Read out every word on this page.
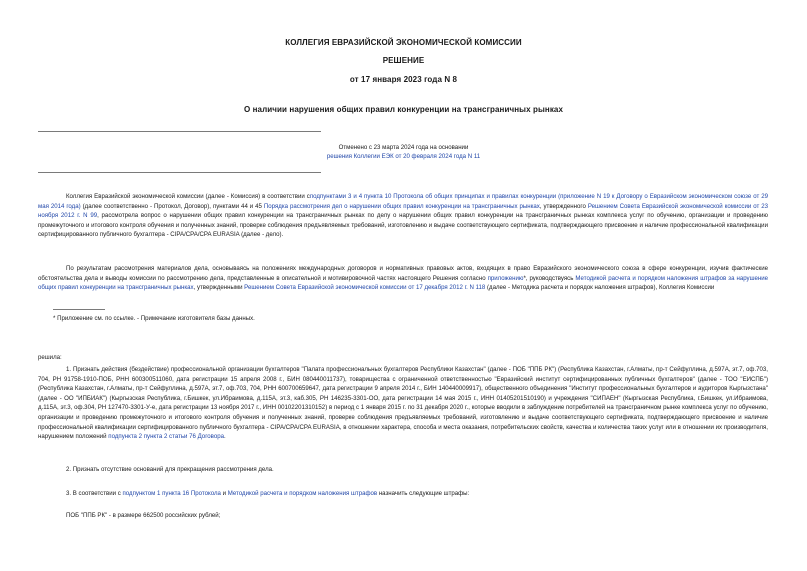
КОЛЛЕГИЯ ЕВРАЗИЙСКОЙ ЭКОНОМИЧЕСКОЙ КОМИССИИ
РЕШЕНИЕ
от 17 января 2023 года N 8
О наличии нарушения общих правил конкуренции на трансграничных рынках
Отменено с 23 марта 2024 года на основании
решения Коллегии ЕЭК от 20 февраля 2024 года N 11
Коллегия Евразийской экономической комиссии (далее - Комиссия) в соответствии сподпунктами 3 и 4 пункта 10 Протокола об общих принципах и правилах конкуренции (приложение N 19 к Договору о Евразийском экономическом союзе от 29 мая 2014 года) (далее соответственно - Протокол, Договор), пунктами 44 и 45 Порядка рассмотрения дел о нарушении общих правил конкуренции на трансграничных рынках, утвержденного Решением Совета Евразийской экономической комиссии от 23 ноября 2012 г. N 99, рассмотрела вопрос о нарушении общих правил конкуренции на трансграничных рынках по делу о нарушении общих правил конкуренции на трансграничных рынках комплекса услуг по обучению, организации и проведению промежуточного и итогового контроля обучения и полученных знаний, проверке соблюдения предъявляемых требований, изготовлению и выдаче соответствующего сертификата, подтверждающего присвоение и наличие профессиональной квалификации сертифицированного публичного бухгалтера - CIPA/CPA/CPA EURASIA (далее - дело).
По результатам рассмотрения материалов дела, основываясь на положениях международных договоров и нормативных правовых актов, входящих в право Евразийского экономического союза в сфере конкуренции, изучив фактические обстоятельства дела и выводы комиссии по рассмотрению дела, представленные в описательной и мотивировочной частях настоящего Решения согласно приложению*, руководствуясь Методикой расчета и порядком наложения штрафов за нарушение общих правил конкуренции на трансграничных рынках, утвержденными Решением Совета Евразийской экономической комиссии от 17 декабря 2012 г. N 118 (далее - Методика расчета и порядок наложения штрафов), Коллегия Комиссии
* Приложение см. по ссылке. - Примечание изготовителя базы данных.
решила:
1. Признать действия (бездействие) профессиональной организации бухгалтеров "Палата профессиональных бухгалтеров Республики Казахстан" (далее - ПОБ "ППБ РК") (Республика Казахстан, г.Алматы, пр-т Сейфуллина, д.597А, эт.7, оф.703, 704, РН 91758-1910-ПОБ, РНН 600300511060, дата регистрации 15 апреля 2008 г., БИН 080440011737), товарищества с ограниченной ответственностью "Евразийский институт сертифицированных публичных бухгалтеров" (далее - ТОО "ЕИСПБ") (Республика Казахстан, г.Алматы, пр-т Сейфуллина, д.597А, эт.7, оф.703, 704, РНН 600700659647, дата регистрации 9 апреля 2014 г., БИН 140440009917), общественного объединения "Институт профессиональных бухгалтеров и аудиторов Кыргызстана" (далее - ОО "ИПБИАК") (Кыргызская Республика, г.Бишкек, ул.Ибраимова, д.115А, эт.3, каб.305, РН 146235-3301-ОО, дата регистрации 14 мая 2015 г., ИНН 01405201510190) и учреждения "СИПАЕН" (Кыргызская Республика, г.Бишкек, ул.Ибраимова, д.115А, эт.3, оф.304, РН 127470-3301-У-е, дата регистрации 13 ноября 2017 г., ИНН 00102201310152) в период с 1 января 2015 г. по 31 декабря 2020 г., которые вводили в заблуждение потребителей на трансграничном рынке комплекса услуг по обучению, организации и проведению промежуточного и итогового контроля обучения и полученных знаний, проверке соблюдения предъявляемых требований, изготовлению и выдаче соответствующего сертификата, подтверждающего присвоение и наличие профессиональной квалификации сертифицированного публичного бухгалтера - CIPA/CPA/CPA EURASIA, в отношении характера, способа и места оказания, потребительских свойств, качества и количества таких услуг или в отношении их производителя, нарушением положений подпункта 2 пункта 2 статьи 76 Договора.
2. Признать отсутствие оснований для прекращения рассмотрения дела.
3. В соответствии с подпунктом 1 пункта 16 Протокола и Методикой расчета и порядком наложения штрафов назначить следующие штрафы:
ПОБ "ППБ РК" - в размере 662500 российских рублей;
